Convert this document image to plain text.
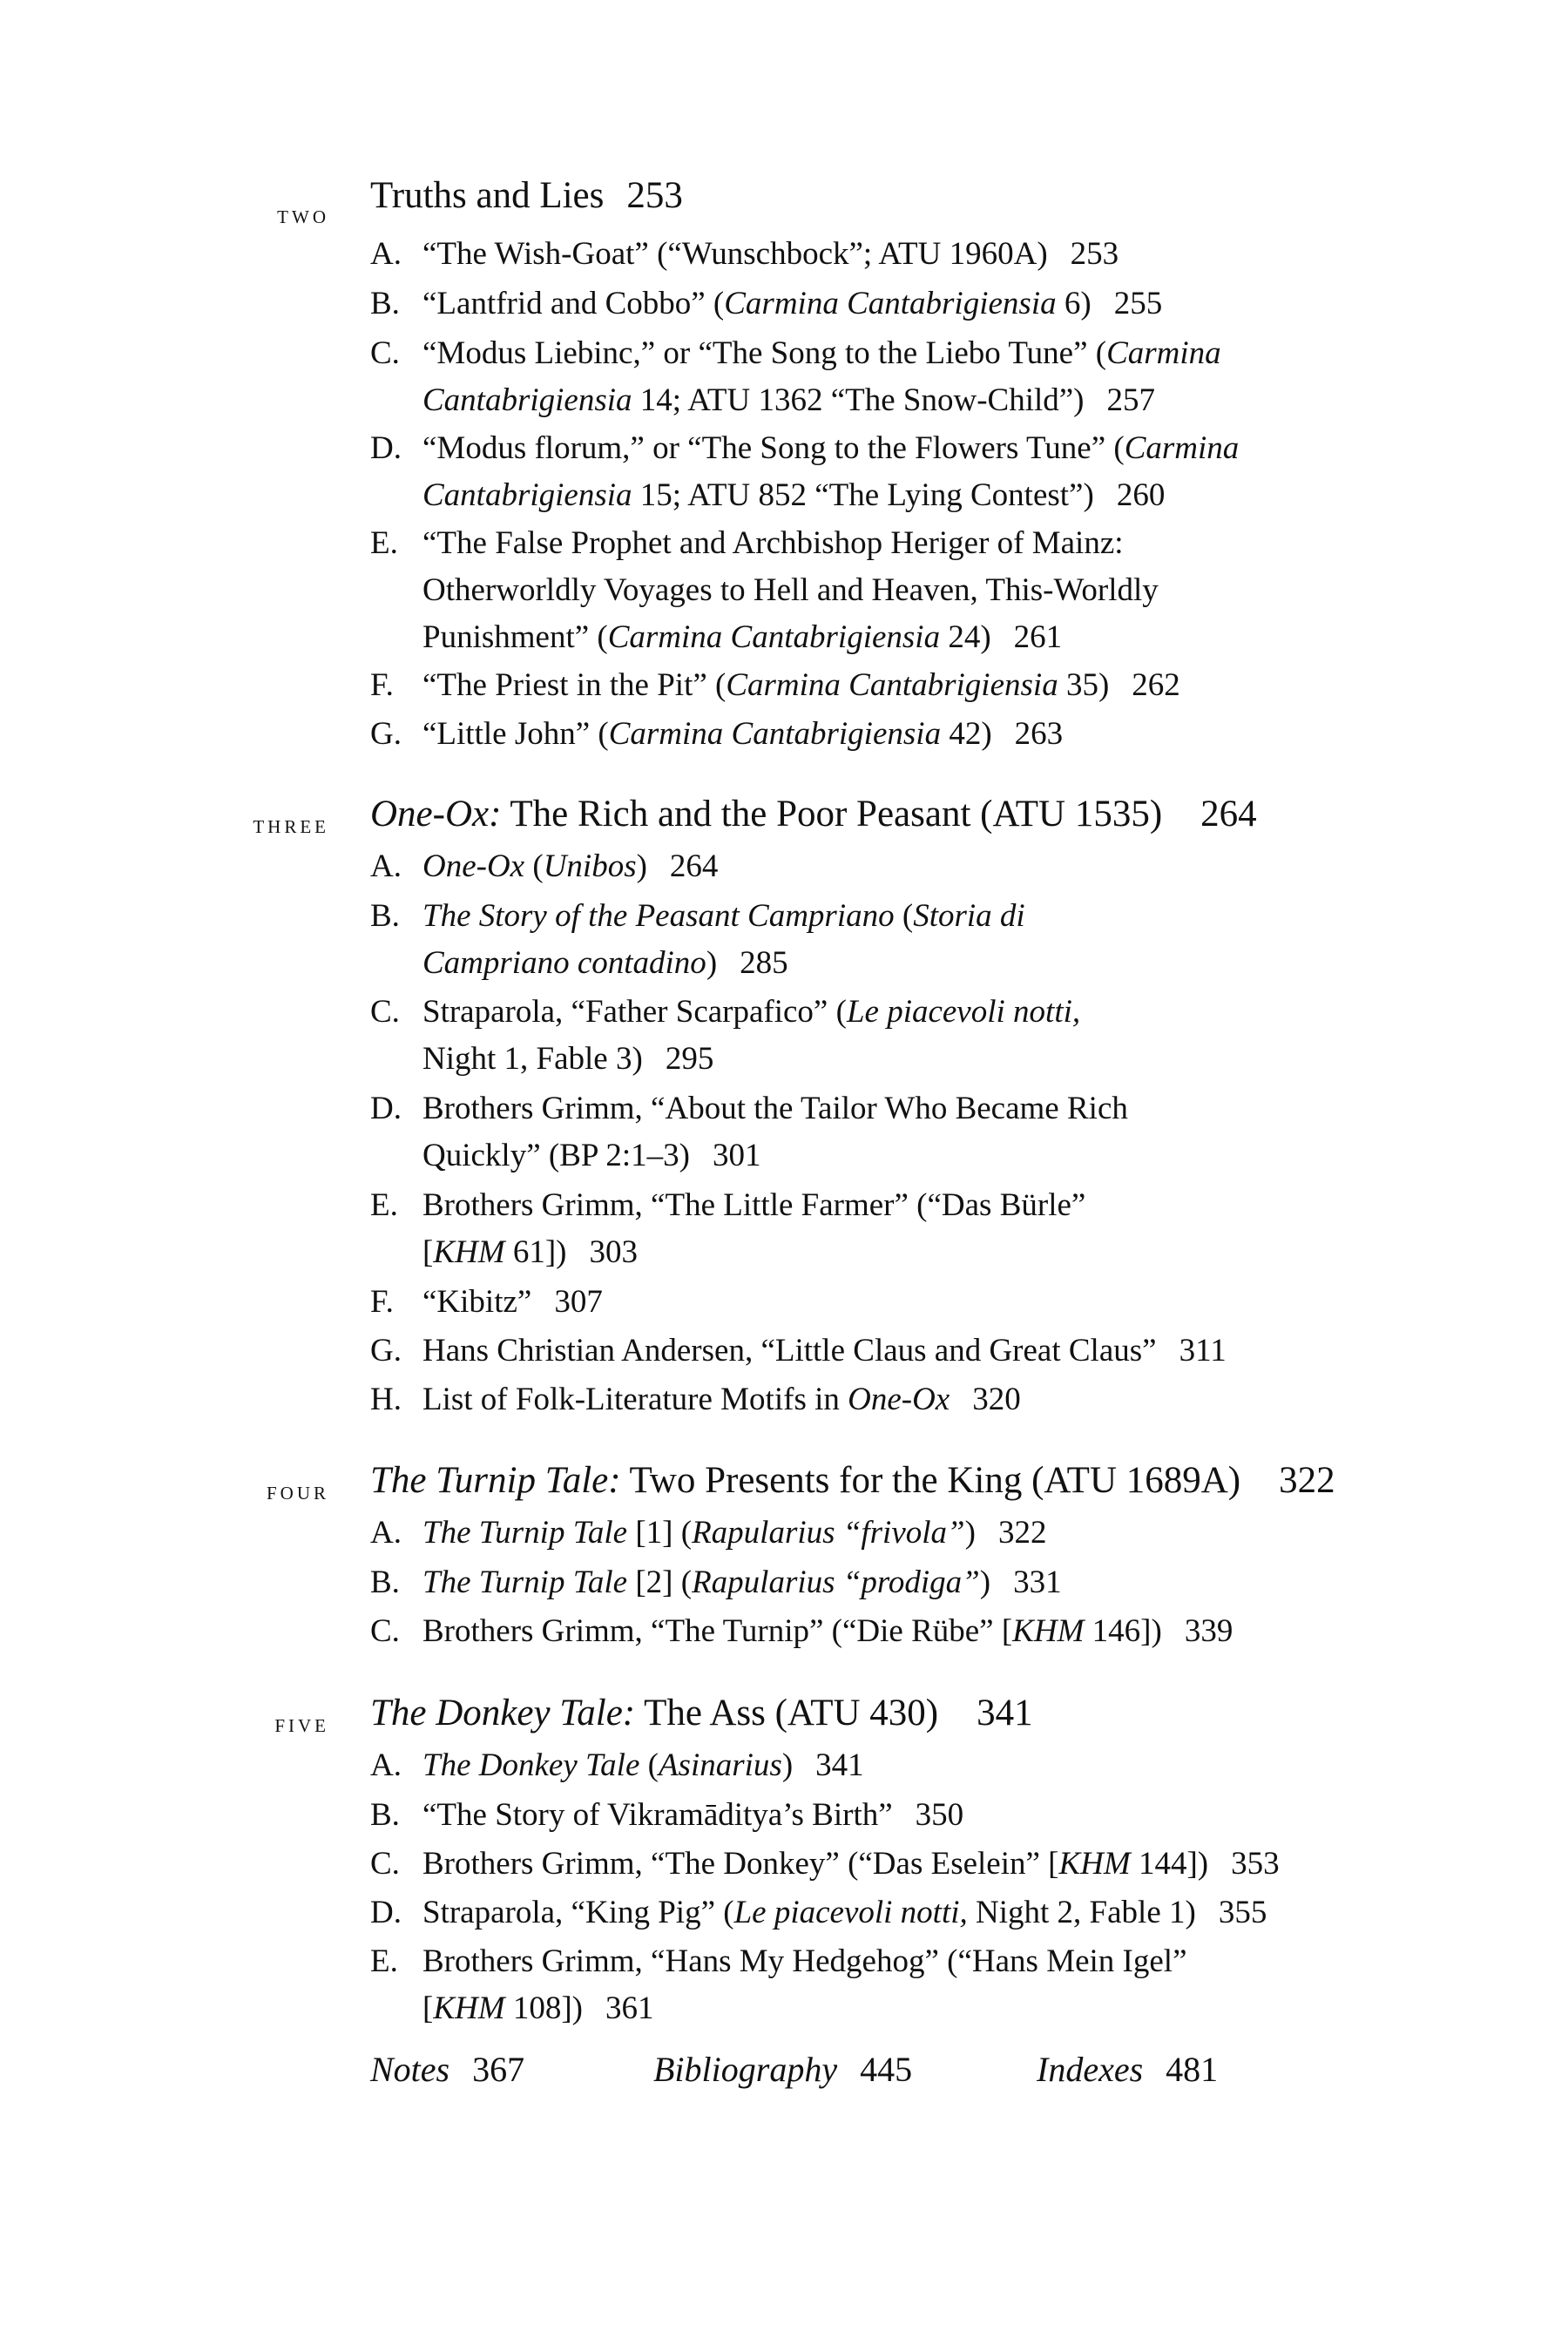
two Truths and Lies 253
A. “The Wish-Goat” (“Wunschbock”; ATU 1960A) 253
B. “Lantfrid and Cobbo” (Carmina Cantabrigiensia 6) 255
C. “Modus Liebinc,” or “The Song to the Liebo Tune” (Carmina
Cantabrigiensia 14; ATU 1362 “The Snow-Child”) 257
D. “Modus florum,” or “The Song to the Flowers Tune” (Carmina
Cantabrigiensia 15; ATU 852 “The Lying Contest”) 260
E. “The False Prophet and Archbishop Heriger of Mainz:
Otherworldly Voyages to Hell and Heaven, This-Worldly
Punishment” (Carmina Cantabrigiensia 24) 261
F. “The Priest in the Pit” (Carmina Cantabrigiensia 35) 262
G. “Little John” (Carmina Cantabrigiensia 42) 263
three One-Ox: The Rich and the Poor Peasant (ATU 1535) 264
A. One-Ox (Unibos) 264
B. The Story of the Peasant Campriano (Storia di
Campriano contadino) 285
C. Straparola, “Father Scarpafico” (Le piacevoli notti,
Night 1, Fable 3) 295
D. Brothers Grimm, “About the Tailor Who Became Rich
Quickly” (BP 2:1–3) 301
E. Brothers Grimm, “The Little Farmer” (“Das Bürle”
[KHM 61]) 303
F. “Kibitz” 307
G. Hans Christian Andersen, “Little Claus and Great Claus” 311
H. List of Folk-Literature Motifs in One-Ox 320
four The Turnip Tale: Two Presents for the King (ATU 1689A) 322
A. The Turnip Tale [1] (Rapularius “frivola”) 322
B. The Turnip Tale [2] (Rapularius “prodiga”) 331
C. Brothers Grimm, “The Turnip” (“Die Rübe” [KHM 146]) 339
five The Donkey Tale: The Ass (ATU 430) 341
A. The Donkey Tale (Asinarius) 341
B. “The Story of Vikramāditya’s Birth” 350
C. Brothers Grimm, “The Donkey” (“Das Eselein” [KHM 144]) 353
D. Straparola, “King Pig” (Le piacevoli notti, Night 2, Fable 1) 355
E. Brothers Grimm, “Hans My Hedgehog” (“Hans Mein Igel”
[KHM 108]) 361
Notes 367	Bibliography 445	Indexes 481
